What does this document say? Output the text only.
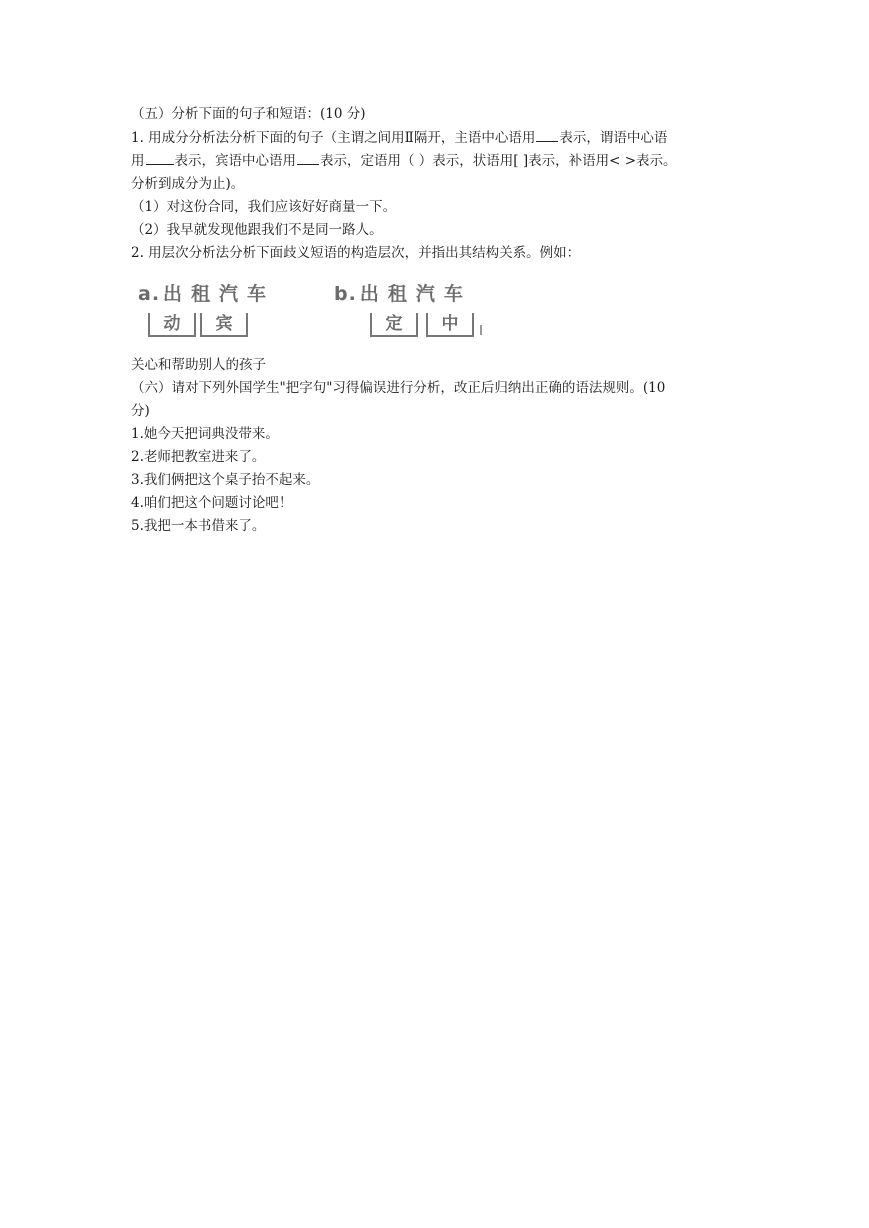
（五）分析下面的句子和短语：(10 分)
1. 用成分分析法分析下面的句子（主谓之间用Ⅱ隔开，主语中心语用 表示，谓语中心语
用 表示，宾语中心语用 表示，定语用（ ）表示，状语用[ ]表示，补语用< >表示。
分析到成分为止)。
（1）对这份合同，我们应该好好商量一下。
（2）我早就发现他跟我们不是同一路人。
2. 用层次分析法分析下面歧义短语的构造层次，并指出其结构关系。例如：
a. 出租汽车
动	宾
b. 出租汽车
定	中
关心和帮助别人的孩子
（六）请对下列外国学生"把字句"习得偏误进行分析，改正后归纳出正确的语法规则。(10
分)
1.她今天把词典没带来。
2.老师把教室进来了。
3.我们俩把这个桌子抬不起来。
4.咱们把这个问题讨论吧！
5.我把一本书借来了。
